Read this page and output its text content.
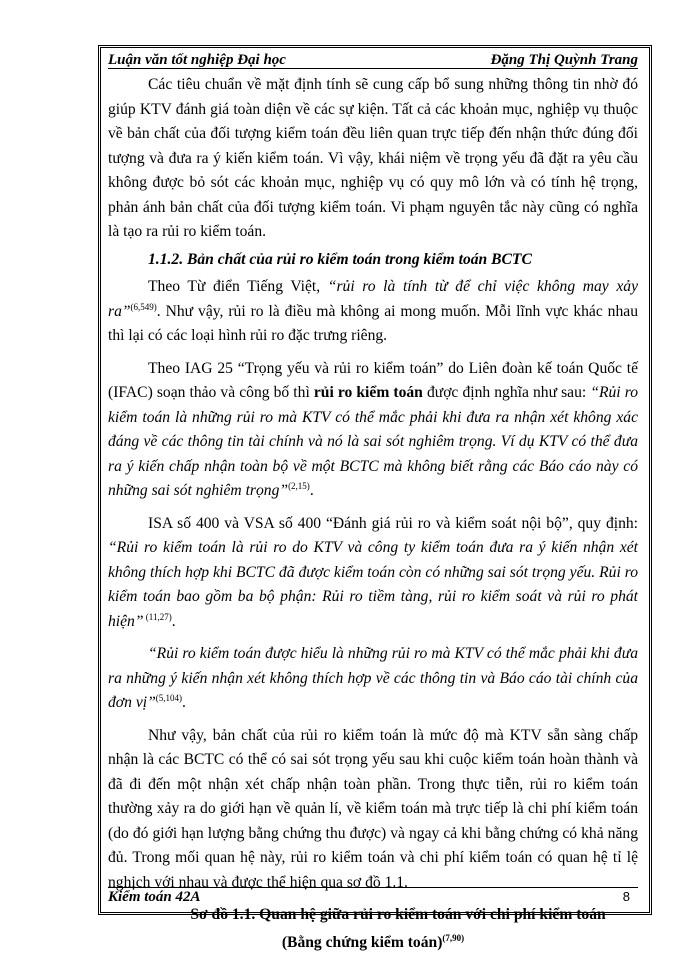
Luận văn tốt nghiệp Đại học	Đặng Thị Quỳnh Trang

Các tiêu chuẩn về mặt định tính sẽ cung cấp bổ sung những thông tin nhờ đó giúp KTV đánh giá toàn diện về các sự kiện. Tất cả các khoản mục, nghiệp vụ thuộc về bản chất của đối tượng kiểm toán đều liên quan trực tiếp đến nhận thức đúng đối tượng và đưa ra ý kiến kiểm toán. Vì vậy, khái niệm về trọng yếu đã đặt ra yêu cầu không được bỏ sót các khoản mục, nghiệp vụ có quy mô lớn và có tính hệ trọng, phản ánh bản chất của đối tượng kiểm toán. Vi phạm nguyên tắc này cũng có nghĩa là tạo ra rủi ro kiểm toán.

1.1.2. Bản chất của rủi ro kiểm toán trong kiểm toán BCTC

Theo Từ điển Tiếng Việt, “rủi ro là tính từ để chỉ việc không may xảy ra”$^{(6,549)}$. Như vậy, rủi ro là điều mà không ai mong muốn. Mỗi lĩnh vực khác nhau thì lại có các loại hình rủi ro đặc trưng riêng.

Theo IAG 25 “Trọng yếu và rủi ro kiểm toán” do Liên đoàn kế toán Quốc tế (IFAC) soạn thảo và công bố thì rủi ro kiểm toán được định nghĩa như sau: “Rủi ro kiểm toán là những rủi ro mà KTV có thể mắc phải khi đưa ra nhận xét không xác đáng về các thông tin tài chính và nó là sai sót nghiêm trọng. Ví dụ KTV có thể đưa ra ý kiến chấp nhận toàn bộ về một BCTC mà không biết rằng các Báo cáo này có những sai sót nghiêm trọng”$^{(2,15)}$.

ISA số 400 và VSA số 400 “Đánh giá rủi ro và kiểm soát nội bộ”, quy định: “Rủi ro kiểm toán là rủi ro do KTV và công ty kiểm toán đưa ra ý kiến nhận xét không thích hợp khi BCTC đã được kiểm toán còn có những sai sót trọng yếu. Rủi ro kiểm toán bao gồm ba bộ phận: Rủi ro tiềm tàng, rủi ro kiểm soát và rủi ro phát hiện” $^{(11,27)}$.

“Rủi ro kiểm toán được hiểu là những rủi ro mà KTV có thể mắc phải khi đưa ra những ý kiến nhận xét không thích hợp về các thông tin và Báo cáo tài chính của đơn vị”$^{(5,104)}$.

Như vậy, bản chất của rủi ro kiểm toán là mức độ mà KTV sẵn sàng chấp nhận là các BCTC có thể có sai sót trọng yếu sau khi cuộc kiểm toán hoàn thành và đã đi đến một nhận xét chấp nhận toàn phần. Trong thực tiễn, rủi ro kiểm toán thường xảy ra do giới hạn về quản lí, về kiểm toán mà trực tiếp là chi phí kiểm toán (do đó giới hạn lượng bằng chứng thu được) và ngay cả khi bằng chứng có khả năng đủ. Trong mối quan hệ này, rủi ro kiểm toán và chi phí kiểm toán có quan hệ tỉ lệ nghịch với nhau và được thể hiện qua sơ đồ 1.1.

Sơ đồ 1.1. Quan hệ giữa rủi ro kiểm toán với chi phí kiểm toán

(Bằng chứng kiểm toán)$^{(7,90)}$

Kiểm toán 42A	8
